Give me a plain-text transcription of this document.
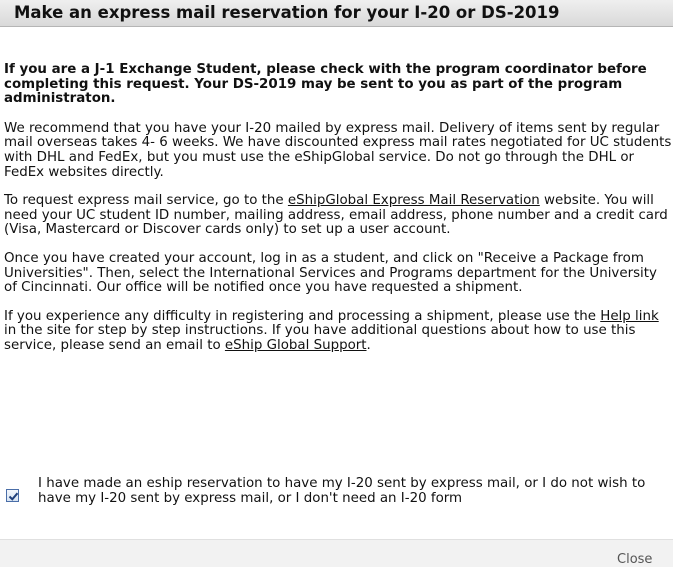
Make an express mail reservation for your I-20 or DS-2019

If you are a J-1 Exchange Student, please check with the program coordinator before completing this request. Your DS-2019 may be sent to you as part of the program administraton.

We recommend that you have your I-20 mailed by express mail. Delivery of items sent by regular mail overseas takes 4- 6 weeks. We have discounted express mail rates negotiated for UC students with DHL and FedEx, but you must use the eShipGlobal service. Do not go through the DHL or FedEx websites directly.

To request express mail service, go to the eShipGlobal Express Mail Reservation website. You will need your UC student ID number, mailing address, email address, phone number and a credit card (Visa, Mastercard or Discover cards only) to set up a user account.

Once you have created your account, log in as a student, and click on "Receive a Package from Universities". Then, select the International Services and Programs department for the University of Cincinnati. Our office will be notified once you have requested a shipment.

If you experience any difficulty in registering and processing a shipment, please use the Help link in the site for step by step instructions. If you have additional questions about how to use this service, please send an email to eShip Global Support.

I have made an eship reservation to have my I-20 sent by express mail, or I do not wish to have my I-20 sent by express mail, or I don't need an I-20 form
Close
